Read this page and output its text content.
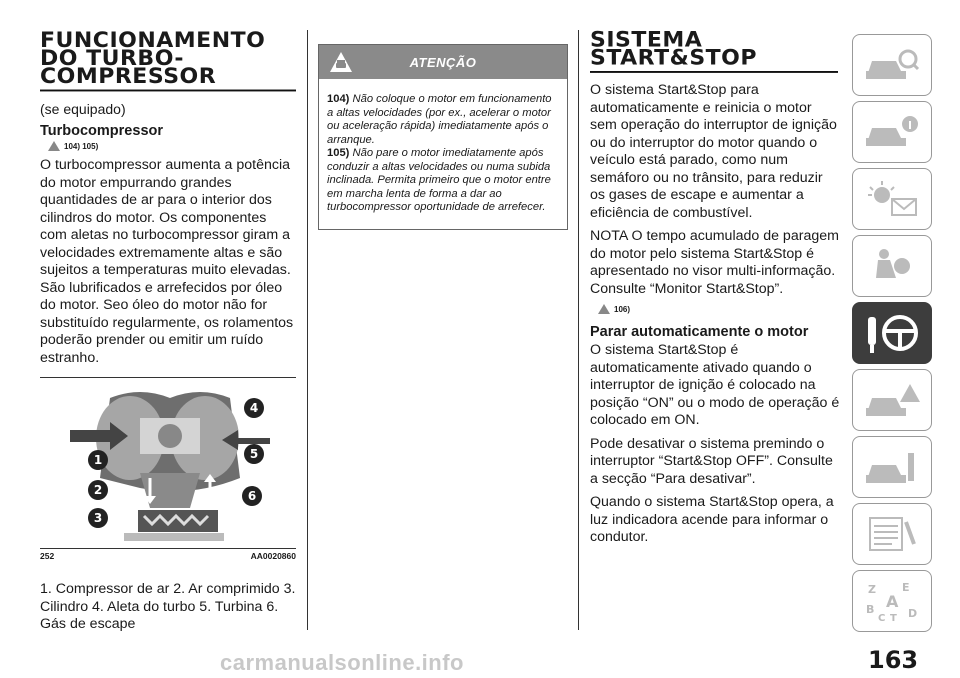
FUNCIONAMENTO
DO TURBO-
COMPRESSOR
(se equipado)
Turbocompressor
104) 105)

O turbocompressor aumenta a potência do motor empurrando grandes quantidades de ar para o interior dos cilindros do motor. Os componentes com aletas no turbocompressor giram a velocidades extremamente altas e são sujeitos a temperaturas muito elevadas. São lubrificados e arrefecidos por óleo do motor. Seo óleo do motor não for substituído regularmente, os rolamentos poderão prender ou emitir um ruído estranho.

1
2
3
4
5
6
252	AA0020860

1. Compressor de ar 2. Ar comprimido 3. Cilindro 4. Aleta do turbo 5. Turbina 6. Gás de escape

ATENÇÃO
104) Não coloque o motor em funcionamento a altas velocidades (por ex., acelerar o motor ou aceleração rápida) imediatamente após o arranque.
105) Não pare o motor imediatamente após conduzir a altas velocidades ou numa subida inclinada. Permita primeiro que o motor entre em marcha lenta de forma a dar ao turbocompressor oportunidade de arrefecer.
SISTEMA
START&STOP

O sistema Start&Stop para automaticamente e reinicia o motor sem operação do interruptor de ignição ou do interruptor do motor quando o veículo está parado, como num semáforo ou no trânsito, para reduzir os gases de escape e aumentar a eficiência de combustível.

NOTA O tempo acumulado de paragem do motor pelo sistema Start&Stop é apresentado no visor multi-informação. Consulte “Monitor Start&Stop”.

106)
Parar automaticamente o motor

O sistema Start&Stop é automaticamente ativado quando o interruptor de ignição é colocado na posição “ON” ou o modo de operação é colocado em ON.

Pode desativar o sistema premindo o interruptor “Start&Stop OFF”. Consulte a secção “Para desativar”.

Quando o sistema Start&Stop opera, a luz indicadora acende para informar o condutor.

Z E
A
B
C T D
163
carmanualsonline.info
